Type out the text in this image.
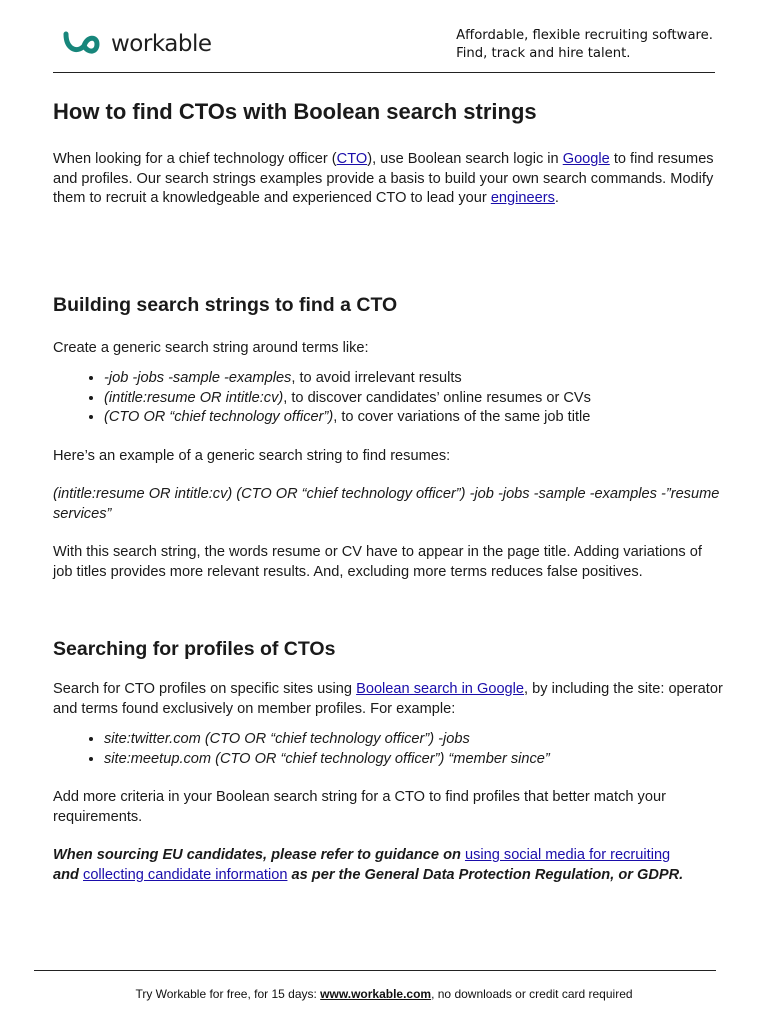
workable	Affordable, flexible recruiting software.
Find, track and hire talent.
How to find CTOs with Boolean search strings

When looking for a chief technology officer (CTO), use Boolean search logic in Google to find resumes and profiles. Our search strings examples provide a basis to build your own search commands. Modify them to recruit a knowledgeable and experienced CTO to lead your engineers.

Building search strings to find a CTO

Create a generic search string around terms like:

• -job -jobs -sample -examples, to avoid irrelevant results
• (intitle:resume OR intitle:cv), to discover candidates’ online resumes or CVs
• (CTO OR “chief technology officer”), to cover variations of the same job title

Here’s an example of a generic search string to find resumes:

(intitle:resume OR intitle:cv) (CTO OR “chief technology officer”) -job -jobs -sample -examples -”resume services”

With this search string, the words resume or CV have to appear in the page title. Adding variations of job titles provides more relevant results. And, excluding more terms reduces false positives.

Searching for profiles of CTOs

Search for CTO profiles on specific sites using Boolean search in Google, by including the site: operator and terms found exclusively on member profiles. For example:

• site:twitter.com (CTO OR “chief technology officer”) -jobs
• site:meetup.com (CTO OR “chief technology officer”) “member since”

Add more criteria in your Boolean search string for a CTO to find profiles that better match your requirements.

When sourcing EU candidates, please refer to guidance on using social media for recruiting
and collecting candidate information as per the General Data Protection Regulation, or GDPR.

Try Workable for free, for 15 days: www.workable.com, no downloads or credit card required
